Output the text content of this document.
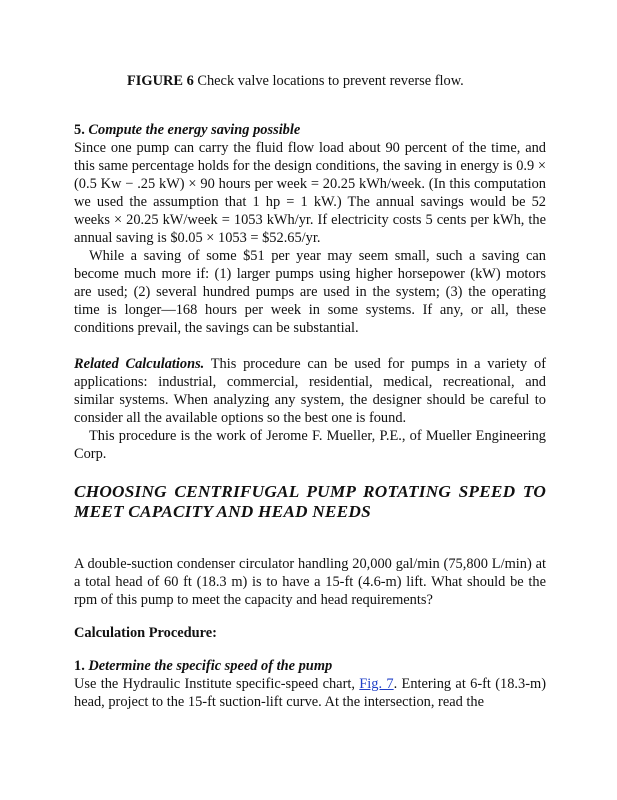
FIGURE 6 Check valve locations to prevent reverse flow.
5. Compute the energy saving possible

Since one pump can carry the fluid flow load about 90 percent of the time, and this same percentage holds for the design conditions, the saving in energy is 0.9 × (0.5 Kw − .25 kW) × 90 hours per week = 20.25 kWh/week. (In this computation we used the assumption that 1 hp = 1 kW.) The annual savings would be 52 weeks × 20.25 kW/week = 1053 kWh/yr. If electricity costs 5 cents per kWh, the annual saving is $0.05 × 1053 = $52.65/yr.

While a saving of some $51 per year may seem small, such a saving can become much more if: (1) larger pumps using higher horsepower (kW) motors are used; (2) several hundred pumps are used in the system; (3) the operating time is longer—168 hours per week in some systems. If any, or all, these conditions prevail, the savings can be substantial.

Related Calculations. This procedure can be used for pumps in a variety of applications: industrial, commercial, residential, medical, recreational, and similar systems. When analyzing any system, the designer should be careful to consider all the available options so the best one is found.

This procedure is the work of Jerome F. Mueller, P.E., of Mueller Engineering Corp.

CHOOSING CENTRIFUGAL PUMP ROTATING SPEED TO MEET CAPACITY AND HEAD NEEDS

A double-suction condenser circulator handling 20,000 gal/min (75,800 L/min) at a total head of 60 ft (18.3 m) is to have a 15-ft (4.6-m) lift. What should be the rpm of this pump to meet the capacity and head requirements?

Calculation Procedure:
1. Determine the specific speed of the pump

Use the Hydraulic Institute specific-speed chart, Fig. 7. Entering at 6-ft (18.3-m) head, project to the 15-ft suction-lift curve. At the intersection, read the
